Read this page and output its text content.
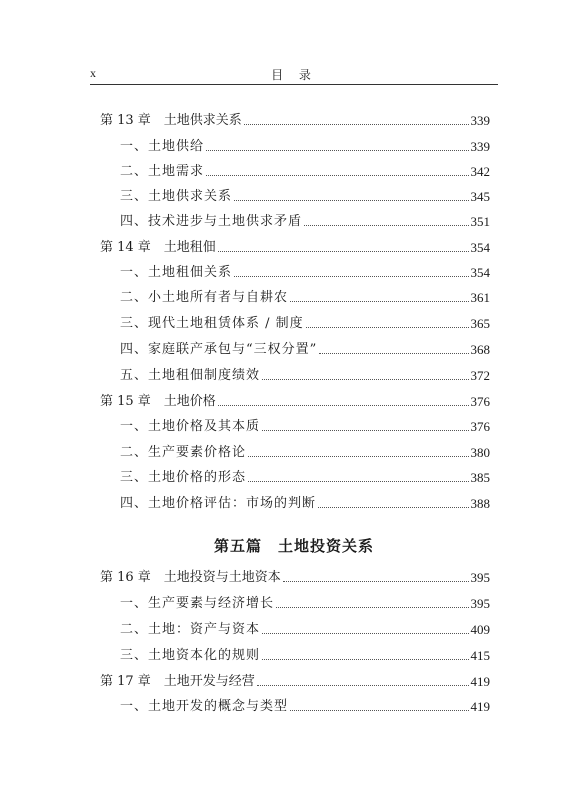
x	目 录
第 13 章　土地供求关系	339
一、土地供给	339
二、土地需求	342
三、土地供求关系	345
四、技术进步与土地供求矛盾	351
第 14 章　土地租佃	354
一、土地租佃关系	354
二、小土地所有者与自耕农	361
三、现代土地租赁体系 / 制度	365
四、家庭联产承包与“三权分置”	368
五、土地租佃制度绩效	372
第 15 章　土地价格	376
一、土地价格及其本质	376
二、生产要素价格论	380
三、土地价格的形态	385
四、土地价格评估：市场的判断	388
第 16 章　土地投资与土地资本	395
一、生产要素与经济增长	395
二、土地：资产与资本	409
三、土地资本化的规则	415
第 17 章　土地开发与经营	419
一、土地开发的概念与类型	419
第五篇　土地投资关系
